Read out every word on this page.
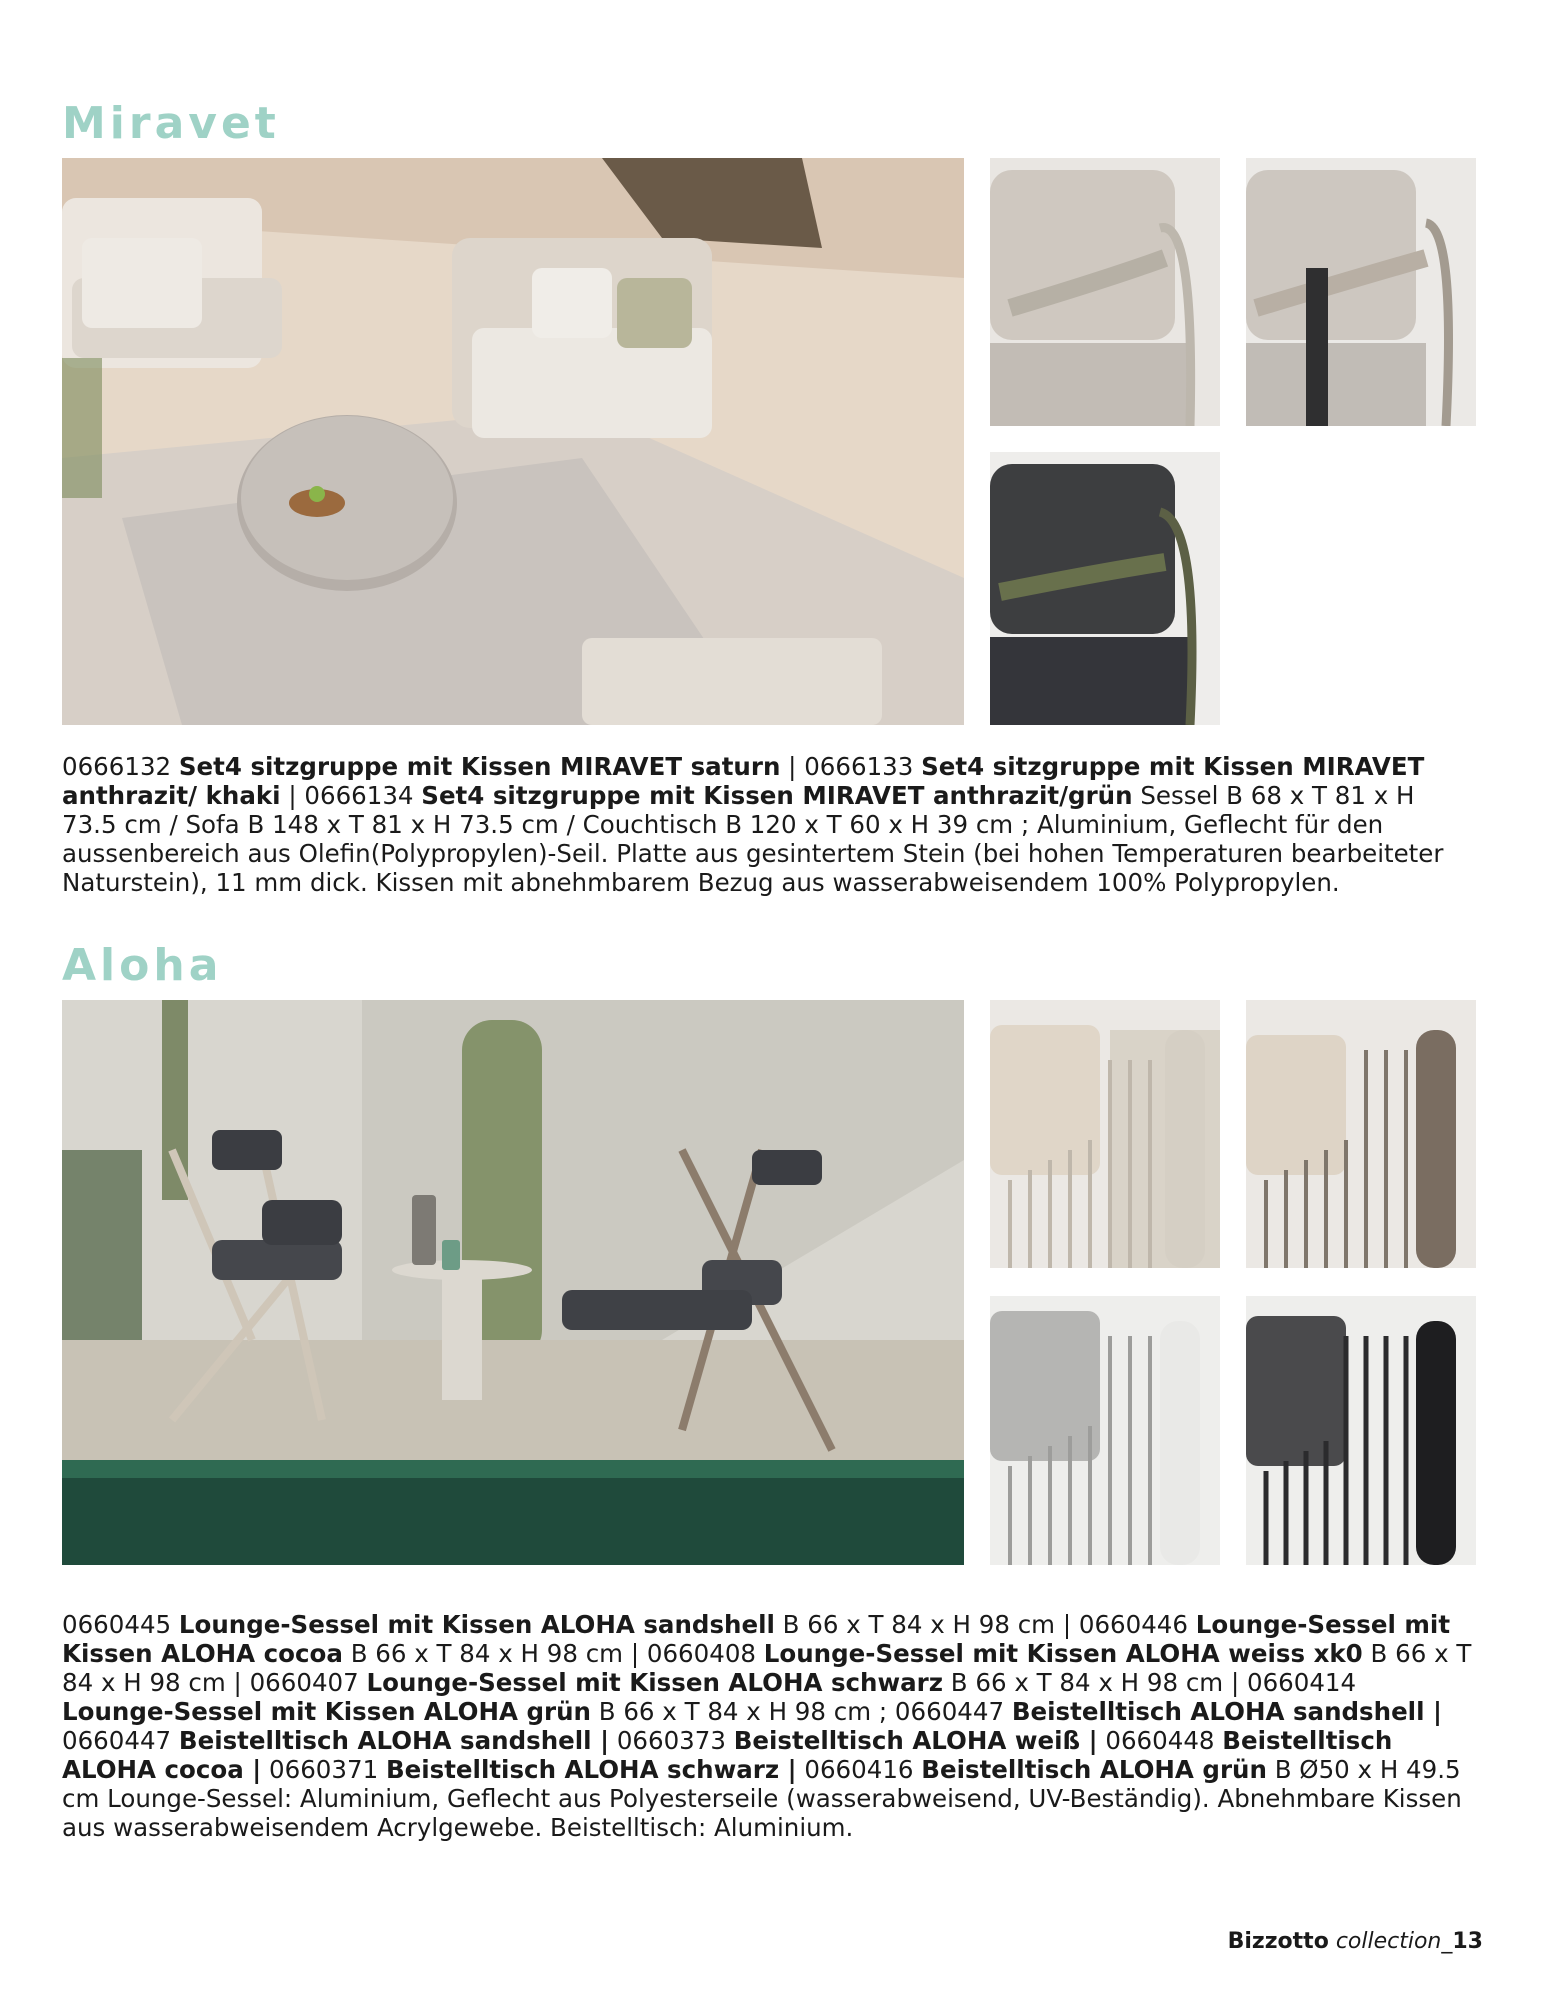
Miravet

0666132 Set4 sitzgruppe mit Kissen MIRAVET saturn | 0666133 Set4 sitzgruppe mit Kissen MIRAVET anthrazit/ khaki | 0666134 Set4 sitzgruppe mit Kissen MIRAVET anthrazit/grün Sessel B 68 x T 81 x H 73.5 cm / Sofa B 148 x T 81 x H 73.5 cm / Couchtisch B 120 x T 60 x H 39 cm ; Aluminium, Geflecht für den aussenbereich aus Olefin(Polypropylen)-Seil. Platte aus gesintertem Stein (bei hohen Temperaturen bearbeiteter Naturstein), 11 mm dick. Kissen mit abnehmbarem Bezug aus wasserabweisendem 100% Polypropylen.

Aloha

0660445 Lounge-Sessel mit Kissen ALOHA sandshell B 66 x T 84 x H 98 cm | 0660446 Lounge-Sessel mit Kissen ALOHA cocoa B 66 x T 84 x H 98 cm | 0660408 Lounge-Sessel mit Kissen ALOHA weiss xk0 B 66 x T 84 x H 98 cm | 0660407 Lounge-Sessel mit Kissen ALOHA schwarz B 66 x T 84 x H 98 cm | 0660414 Lounge-Sessel mit Kissen ALOHA grün B 66 x T 84 x H 98 cm ; 0660447 Beistelltisch ALOHA sandshell | 0660447 Beistelltisch ALOHA sandshell | 0660373 Beistelltisch ALOHA weiß | 0660448 Beistelltisch ALOHA cocoa | 0660371 Beistelltisch ALOHA schwarz | 0660416 Beistelltisch ALOHA grün B Ø50 x H 49.5 cm Lounge-Sessel: Aluminium, Geflecht aus Polyesterseile (wasserabweisend, UV-Beständig). Abnehmbare Kissen aus wasserabweisendem Acrylgewebe. Beistelltisch: Aluminium.

Bizzotto collection_13
